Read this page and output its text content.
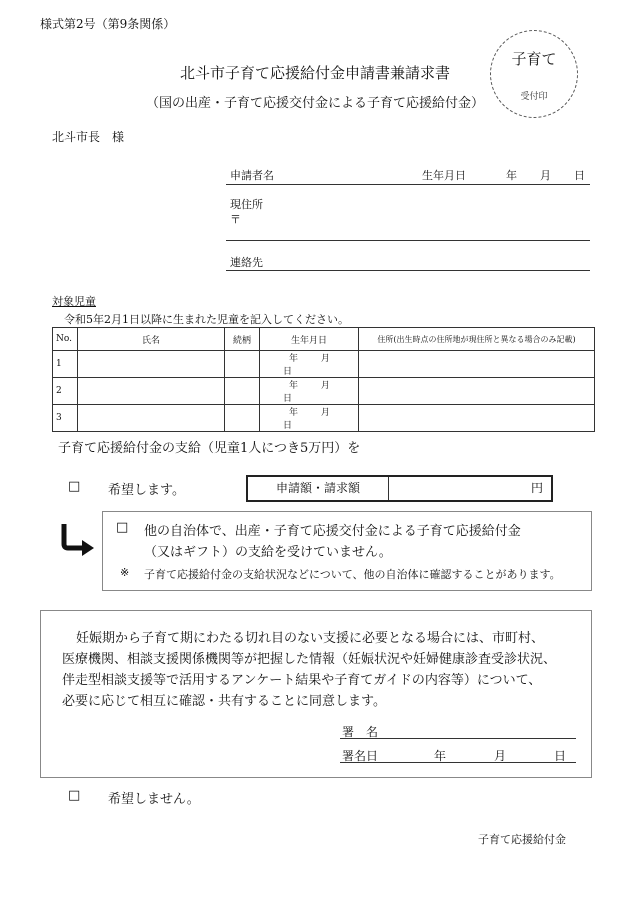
様式第2号（第9条関係）
北斗市子育て応援給付金申請書兼請求書
（国の出産・子育て応援交付金による子育て応援給付金）
子育て
受付印
北斗市長　様
申請者名	生年月日	年 月 日
現住所
〒
連絡先
対象児童
令和5年2月1日以降に生まれた児童を記入してください。
No.	氏名	続柄	生年月日	住所(出生時点の住所地が現住所と異なる場合のみ記載)
1			年 月 日	
2			年 月 日	
3			年 月 日	
子育て応援給付金の支給（児童1人につき5万円）を
□ 希望します。	申請額・請求額	円
□ 他の自治体で、出産・子育て応援交付金による子育て応援給付金
（又はギフト）の支給を受けていません。
※ 子育て応援給付金の支給状況などについて、他の自治体に確認することがあります。
妊娠期から子育て期にわたる切れ目のない支援に必要となる場合には、市町村、
医療機関、相談支援関係機関等が把握した情報（妊娠状況や妊婦健康診査受診状況、
伴走型相談支援等で活用するアンケート結果や子育てガイドの内容等）について、
必要に応じて相互に確認・共有することに同意します。
署　名
署名日	年	月	日
□ 希望しません。
子育て応援給付金
